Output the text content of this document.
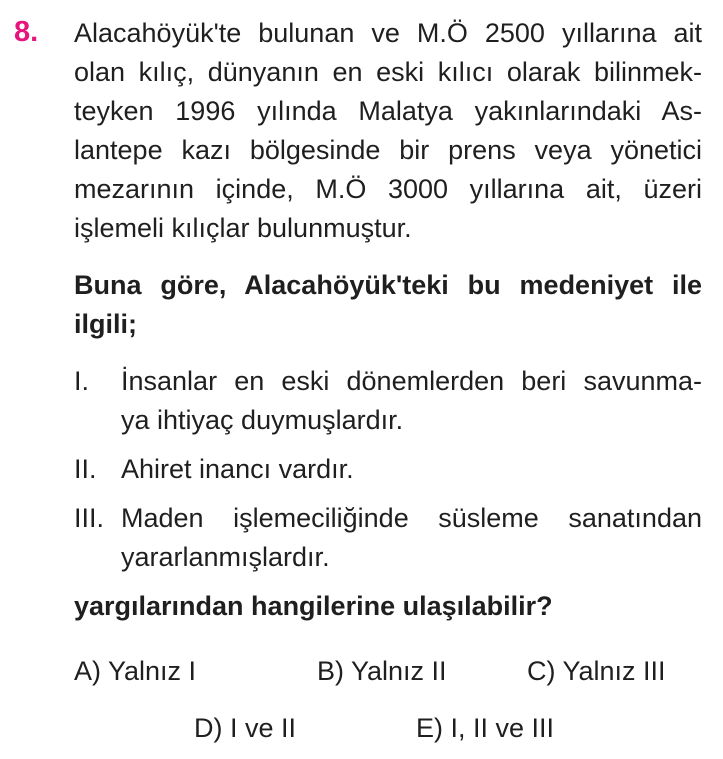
8. Alacahöyük'te bulunan ve M.Ö 2500 yıllarına ait
olan kılıç, dünyanın en eski kılıcı olarak bilinmek-
teyken 1996 yılında Malatya yakınlarındaki As-
lantepe kazı bölgesinde bir prens veya yönetici
mezarının içinde, M.Ö 3000 yıllarına ait, üzeri
işlemeli kılıçlar bulunmuştur.
Buna göre, Alacahöyük'teki bu medeniyet ile
ilgili;
I. İnsanlar en eski dönemlerden beri savunma-
ya ihtiyaç duymuşlardır.
II. Ahiret inancı vardır.
III. Maden işlemeciliğinde süsleme sanatından
yararlanmışlardır.
yargılarından hangilerine ulaşılabilir?
A) Yalnız I	B) Yalnız II	C) Yalnız III
D) I ve II	E) I, II ve III
